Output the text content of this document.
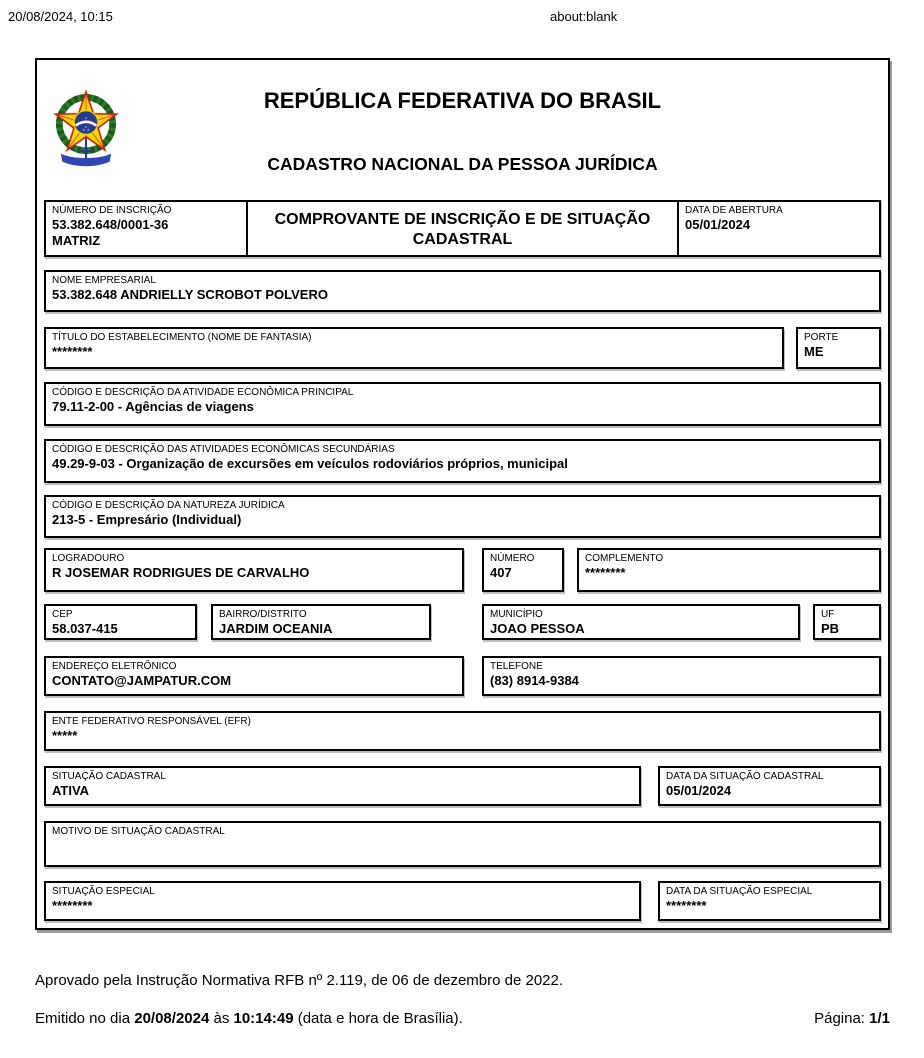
20/08/2024, 10:15	about:blank
REPÚBLICA FEDERATIVA DO BRASIL
CADASTRO NACIONAL DA PESSOA JURÍDICA
NÚMERO DE INSCRIÇÃO
53.382.648/0001-36
MATRIZ
COMPROVANTE DE INSCRIÇÃO E DE SITUAÇÃO CADASTRAL
DATA DE ABERTURA
05/01/2024
NOME EMPRESARIAL
53.382.648 ANDRIELLY SCROBOT POLVERO
TÍTULO DO ESTABELECIMENTO (NOME DE FANTASIA)
********
PORTE
ME
CÓDIGO E DESCRIÇÃO DA ATIVIDADE ECONÔMICA PRINCIPAL
79.11-2-00 - Agências de viagens
CÓDIGO E DESCRIÇÃO DAS ATIVIDADES ECONÔMICAS SECUNDÁRIAS
49.29-9-03 - Organização de excursões em veículos rodoviários próprios, municipal
CÓDIGO E DESCRIÇÃO DA NATUREZA JURÍDICA
213-5 - Empresário (Individual)
LOGRADOURO
R JOSEMAR RODRIGUES DE CARVALHO
NÚMERO
407
COMPLEMENTO
********
CEP
58.037-415
BAIRRO/DISTRITO
JARDIM OCEANIA
MUNICÍPIO
JOAO PESSOA
UF
PB
ENDEREÇO ELETRÔNICO
CONTATO@JAMPATUR.COM
TELEFONE
(83) 8914-9384
ENTE FEDERATIVO RESPONSÁVEL (EFR)
*****
SITUAÇÃO CADASTRAL
ATIVA
DATA DA SITUAÇÃO CADASTRAL
05/01/2024
MOTIVO DE SITUAÇÃO CADASTRAL
SITUAÇÃO ESPECIAL
********
DATA DA SITUAÇÃO ESPECIAL
********
Aprovado pela Instrução Normativa RFB nº 2.119, de 06 de dezembro de 2022.
Emitido no dia 20/08/2024 às 10:14:49 (data e hora de Brasília).	Página: 1/1
